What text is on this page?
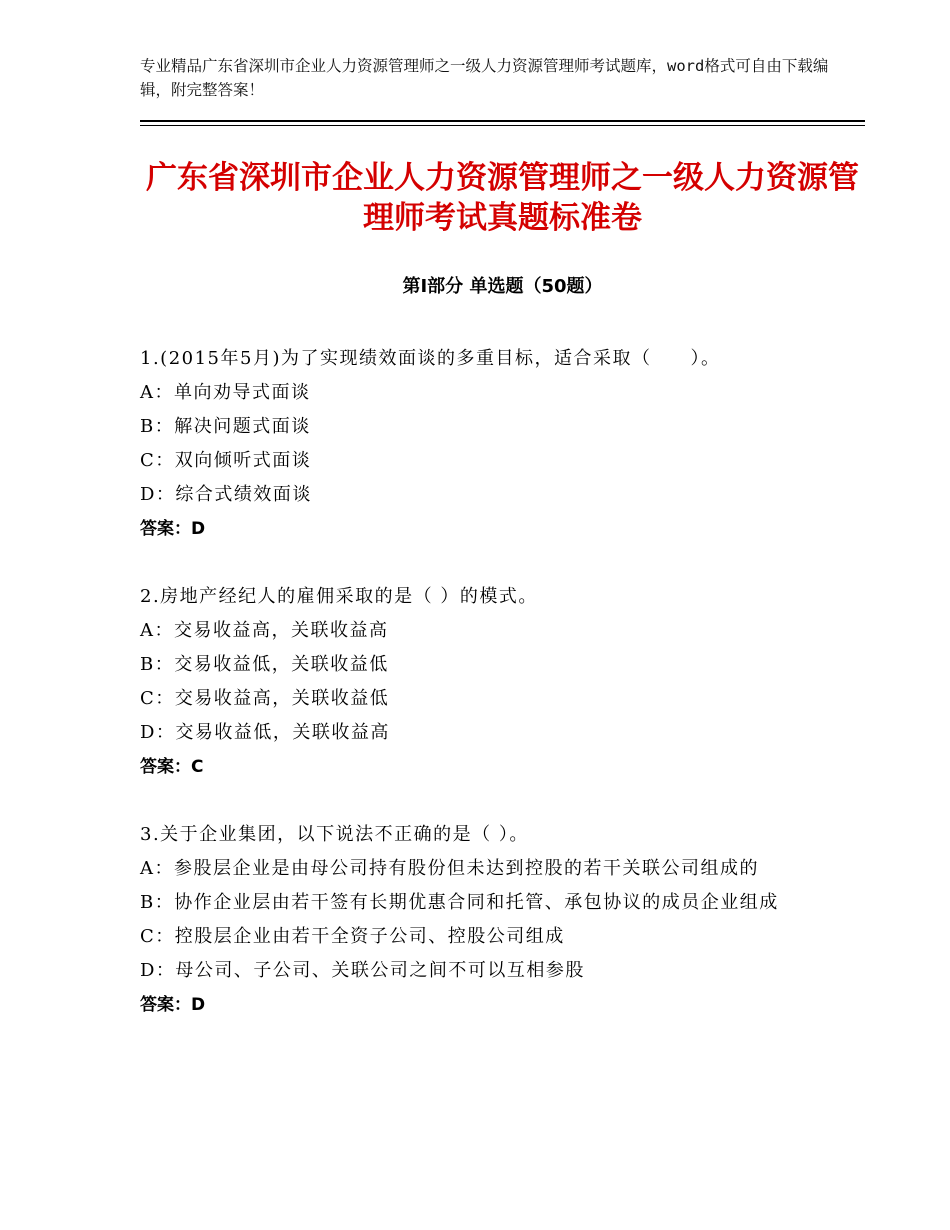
专业精品广东省深圳市企业人力资源管理师之一级人力资源管理师考试题库，word格式可自由下载编辑，附完整答案！
广东省深圳市企业人力资源管理师之一级人力资源管理师考试真题标准卷
第Ⅰ部分 单选题（50题）
1.(2015年5月)为了实现绩效面谈的多重目标，适合采取（　　）。
A：单向劝导式面谈
B：解决问题式面谈
C：双向倾听式面谈
D：综合式绩效面谈
答案：D
2.房地产经纪人的雇佣采取的是（ ）的模式。
A：交易收益高，关联收益高
B：交易收益低，关联收益低
C：交易收益高，关联收益低
D：交易收益低，关联收益高
答案：C
3.关于企业集团，以下说法不正确的是（ ）。
A：参股层企业是由母公司持有股份但未达到控股的若干关联公司组成的
B：协作企业层由若干签有长期优惠合同和托管、承包协议的成员企业组成
C：控股层企业由若干全资子公司、控股公司组成
D：母公司、子公司、关联公司之间不可以互相参股
答案：D
